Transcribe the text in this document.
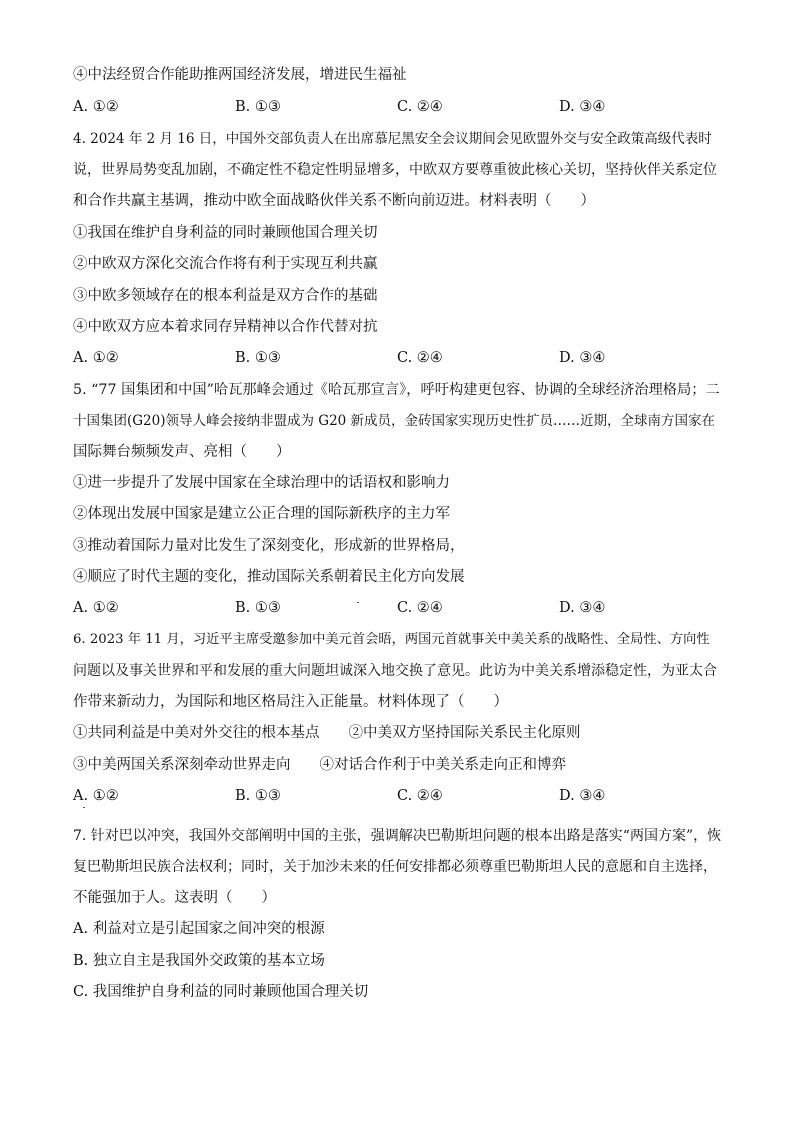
④中法经贸合作能助推两国经济发展，增进民生福祉
A. ①②	B. ①③	C. ②④	D. ③④
4. 2024 年 2 月 16 日，中国外交部负责人在出席慕尼黑安全会议期间会见欧盟外交与安全政策高级代表时
说，世界局势变乱加剧，不确定性不稳定性明显增多，中欧双方要尊重彼此核心关切，坚持伙伴关系定位
和合作共赢主基调，推动中欧全面战略伙伴关系不断向前迈进。材料表明（　　）
①我国在维护自身利益的同时兼顾他国合理关切
②中欧双方深化交流合作将有利于实现互利共赢
③中欧多领域存在的根本利益是双方合作的基础
④中欧双方应本着求同存异精神以合作代替对抗
A. ①②	B. ①③	C. ②④	D. ③④
5. “77 国集团和中国”哈瓦那峰会通过《哈瓦那宣言》，呼吁构建更包容、协调的全球经济治理格局；二
十国集团(G20)领导人峰会接纳非盟成为 G20 新成员，金砖国家实现历史性扩员……近期，全球南方国家在
国际舞台频频发声、亮相（　　）
①进一步提升了发展中国家在全球治理中的话语权和影响力
②体现出发展中国家是建立公正合理的国际新秩序的主力军
③推动着国际力量对比发生了深刻变化，形成新的世界格局，
④顺应了时代主题的变化，推动国际关系朝着民主化方向发展
A. ①②	B. ①③	C. ②④	D. ③④
6. 2023 年 11 月，习近平主席受邀参加中美元首会晤，两国元首就事关中美关系的战略性、全局性、方向性
问题以及事关世界和平和发展的重大问题坦诚深入地交换了意见。此访为中美关系增添稳定性，为亚太合
作带来新动力，为国际和地区格局注入正能量。材料体现了（　　）
①共同利益是中美对外交往的根本基点　　②中美双方坚持国际关系民主化原则
③中美两国关系深刻牵动世界走向　　④对话合作利于中美关系走向正和博弈
A. ①②	B. ①③	C. ②④	D. ③④
7. 针对巴以冲突，我国外交部阐明中国的主张，强调解决巴勒斯坦问题的根本出路是落实“两国方案”，恢
复巴勒斯坦民族合法权利；同时，关于加沙未来的任何安排都必须尊重巴勒斯坦人民的意愿和自主选择，
不能强加于人。这表明（　　）
A. 利益对立是引起国家之间冲突的根源
B. 独立自主是我国外交政策的基本立场
C. 我国维护自身利益的同时兼顾他国合理关切
